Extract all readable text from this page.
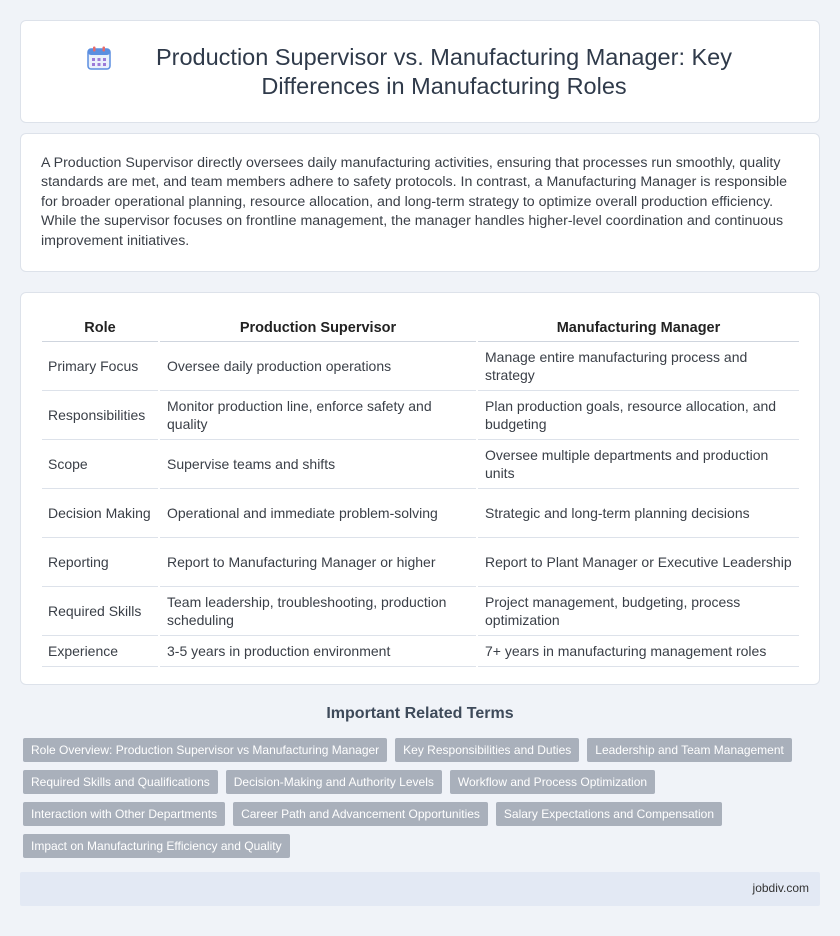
Production Supervisor vs. Manufacturing Manager: Key Differences in Manufacturing Roles

A Production Supervisor directly oversees daily manufacturing activities, ensuring that processes run smoothly, quality standards are met, and team members adhere to safety protocols. In contrast, a Manufacturing Manager is responsible for broader operational planning, resource allocation, and long-term strategy to optimize overall production efficiency. While the supervisor focuses on frontline management, the manager handles higher-level coordination and continuous improvement initiatives.

Role	Production Supervisor	Manufacturing Manager
Primary Focus	Oversee daily production operations	Manage entire manufacturing process and strategy
Responsibilities	Monitor production line, enforce safety and quality	Plan production goals, resource allocation, and budgeting
Scope	Supervise teams and shifts	Oversee multiple departments and production units
Decision Making	Operational and immediate problem-solving	Strategic and long-term planning decisions
Reporting	Report to Manufacturing Manager or higher	Report to Plant Manager or Executive Leadership
Required Skills	Team leadership, troubleshooting, production scheduling	Project management, budgeting, process optimization
Experience	3-5 years in production environment	7+ years in manufacturing management roles
Important Related Terms
Role Overview: Production Supervisor vs Manufacturing Manager	Key Responsibilities and Duties	Leadership and Team Management
Required Skills and Qualifications	Decision-Making and Authority Levels	Workflow and Process Optimization
Interaction with Other Departments	Career Path and Advancement Opportunities	Salary Expectations and Compensation
Impact on Manufacturing Efficiency and Quality
jobdiv.com
